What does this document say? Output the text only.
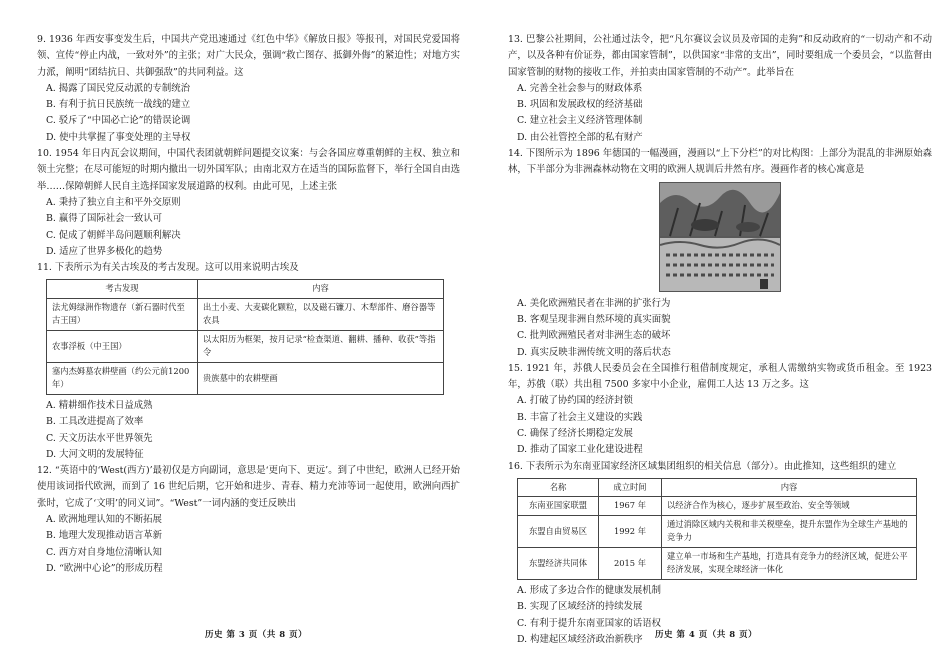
9. 1936 年西安事变发生后，中国共产党迅速通过《红色中华》《解放日报》等报刊，对国民党爱国将领、宣传“停止内战，一致对外”的主张；对广大民众，强调“救亡图存、抵御外侮”的紧迫性；对地方实力派，阐明“团结抗日、共御强敌”的共同利益。这
A. 揭露了国民党反动派的专制统治
B. 有利于抗日民族统一战线的建立
C. 驳斥了“中国必亡论”的错误论调
D. 使中共掌握了事变处理的主导权
10. 1954 年日内瓦会议期间，中国代表团就朝鲜问题提交议案：与会各国应尊重朝鲜的主权、独立和领土完整；在尽可能短的时期内撤出一切外国军队；由南北双方在适当的国际监督下，举行全国自由选举……保障朝鲜人民自主选择国家发展道路的权利。由此可见，上述主张
A. 秉持了独立自主和平外交原则
B. 赢得了国际社会一致认可
C. 促成了朝鲜半岛问题顺利解决
D. 适应了世界多极化的趋势
11. 下表所示为有关古埃及的考古发现。这可以用来说明古埃及
考古发现	内容
法尤姆绿洲作物遗存（新石器时代至古王国）	出土小麦、大麦碳化颗粒，以及磁石镰刀、木犁部件、磨谷器等农具
农事浮板（中王国）	以太阳历为框架，按月记录“检查渠道、翻耕、播种、收获”等指令
塞内杰姆墓农耕壁画（约公元前1200 年）	贵族墓中的农耕壁画
A. 精耕细作技术日益成熟
B. 工具改进提高了效率
C. 天文历法水平世界领先
D. 大河文明的发展特征
12. “英语中的‘West(西方)’最初仅是方向副词，意思是‘更向下、更远’。到了中世纪，欧洲人已经开始使用该词指代欧洲，而到了 16 世纪后期，它开始和进步、青春、精力充沛等词一起使用，欧洲向西扩张时，它成了‘文明’的同义词”。“West”一词内涵的变迁反映出
A. 欧洲地理认知的不断拓展
B. 地理大发现推动语言革新
C. 西方对自身地位清晰认知
D. “欧洲中心论”的形成历程
历史 第 3 页（共 8 页）
13. 巴黎公社期间，公社通过法令，把“凡尔赛议会议员及帝国的走狗”和反动政府的“一切动产和不动产，以及各种有价证券，都由国家管制”，以供国家“非常的支出”，同时要组成一个委员会，“以监督由国家管制的财物的接收工作，并拍卖由国家管制的不动产”。此举旨在
A. 完善全社会参与的财政体系
B. 巩固和发展政权的经济基础
C. 建立社会主义经济管理体制
D. 由公社管控全部的私有财产
14. 下图所示为 1896 年德国的一幅漫画，漫画以“上下分栏”的对比构图：上部分为混乱的非洲原始森林，下半部分为非洲森林动物在文明的欧洲人规训后井然有序。漫画作者的核心寓意是
A. 美化欧洲殖民者在非洲的扩张行为
B. 客观呈现非洲自然环境的真实面貌
C. 批判欧洲殖民者对非洲生态的破坏
D. 真实反映非洲传统文明的落后状态
15. 1921 年，苏俄人民委员会在全国推行租借制度规定，承租人需缴纳实物或货币租金。至 1923 年，苏俄（联）共出租 7500 多家中小企业，雇佣工人达 13 万之多。这
A. 打破了协约国的经济封锁
B. 丰富了社会主义建设的实践
C. 确保了经济长期稳定发展
D. 推动了国家工业化建设进程
16. 下表所示为东南亚国家经济区域集团组织的相关信息（部分）。由此推知，这些组织的建立
名称	成立时间	内容
东南亚国家联盟	1967 年	以经济合作为核心，逐步扩展至政治、安全等领域
东盟自由贸易区	1992 年	通过消除区域内关税和非关税壁垒，提升东盟作为全球生产基地的竞争力
东盟经济共同体	2015 年	建立单一市场和生产基地，打造具有竞争力的经济区域，促进公平经济发展，实现全球经济一体化
A. 形成了多边合作的健康发展机制
B. 实现了区域经济的持续发展
C. 有利于提升东南亚国家的话语权
D. 构建起区域经济政治新秩序	历史 第 4 页（共 8 页）
